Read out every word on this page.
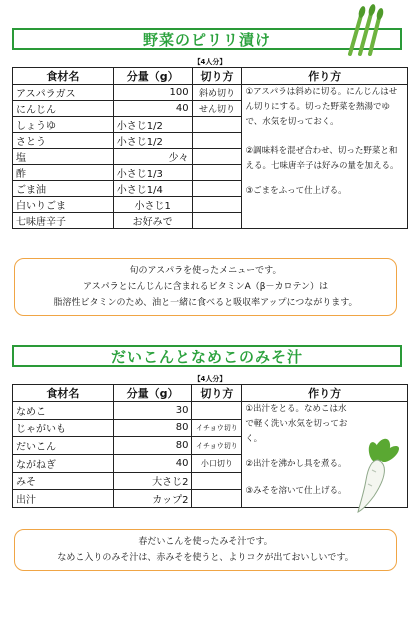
野菜のピリリ漬け
【4人分】
食材名	分量（g）	切り方	作り方
アスパラガス	100	斜め切り	①アスパラは斜めに切る。にんじんはせん切りにする。切った野菜を熱湯でゆで、水気を切っておく。
②調味料を混ぜ合わせ、切った野菜と和える。七味唐辛子は好みの量を加える。
③ごまをふって仕上げる。

にんじん	40	せん切り	
しょうゆ	小さじ1/2		
さとう	小さじ1/2		
塩	少々		
酢	小さじ1/3		
ごま油	小さじ1/4		
白いりごま	小さじ1		
七味唐辛子	お好みで		
旬のアスパラを使ったメニューです。
アスパラとにんじんに含まれるビタミンA（β－カロテン）は
脂溶性ビタミンのため、油と一緒に食べると吸収率アップにつながります。
だいこんとなめこのみそ汁
【4人分】
食材名	分量（g）	切り方	作り方
なめこ	30		①出汁をとる。なめこは水で軽く洗い水気を切っておく。
②出汁を沸かし具を煮る。
③みそを溶いて仕上げる。

じゃがいも	80	イチョウ切り	
だいこん	80	イチョウ切り	
ながねぎ	40	小口切り	
みそ	大さじ2		
出汁	カップ2		
春だいこんを使ったみそ汁です。
なめこ入りのみそ汁は、赤みそを使うと、よりコクが出ておいしいです。
